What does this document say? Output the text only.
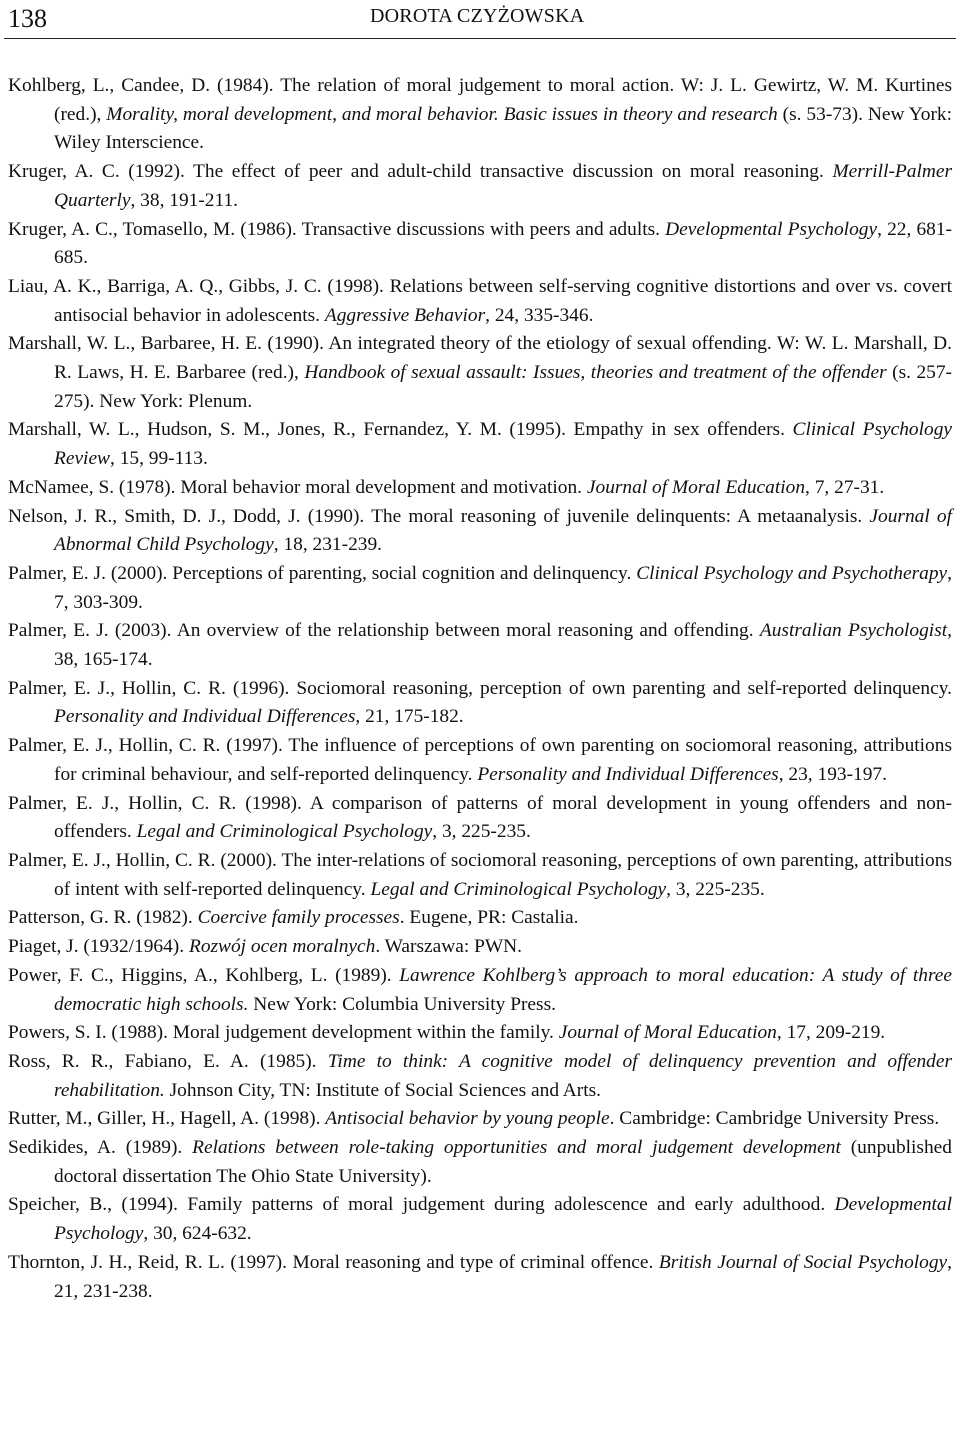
138	DOROTA CZYŻOWSKA
Kohlberg, L., Candee, D. (1984). The relation of moral judgement to moral action. W: J. L. Gewirtz, W. M. Kurtines (red.), Morality, moral development, and moral behavior. Basic issues in theory and research (s. 53-73). New York: Wiley Interscience.
Kruger, A. C. (1992). The effect of peer and adult-child transactive discussion on moral reasoning. Merrill-Palmer Quarterly, 38, 191-211.
Kruger, A. C., Tomasello, M. (1986). Transactive discussions with peers and adults. Developmental Psychology, 22, 681-685.
Liau, A. K., Barriga, A. Q., Gibbs, J. C. (1998). Relations between self-serving cognitive distortions and over vs. covert antisocial behavior in adolescents. Aggressive Behavior, 24, 335-346.
Marshall, W. L., Barbaree, H. E. (1990). An integrated theory of the etiology of sexual offending. W: W. L. Marshall, D. R. Laws, H. E. Barbaree (red.), Handbook of sexual assault: Issues, theories and treatment of the offender (s. 257-275). New York: Plenum.
Marshall, W. L., Hudson, S. M., Jones, R., Fernandez, Y. M. (1995). Empathy in sex offenders. Clinical Psychology Review, 15, 99-113.
McNamee, S. (1978). Moral behavior moral development and motivation. Journal of Moral Education, 7, 27-31.
Nelson, J. R., Smith, D. J., Dodd, J. (1990). The moral reasoning of juvenile delinquents: A metaanalysis. Journal of Abnormal Child Psychology, 18, 231-239.
Palmer, E. J. (2000). Perceptions of parenting, social cognition and delinquency. Clinical Psychology and Psychotherapy, 7, 303-309.
Palmer, E. J. (2003). An overview of the relationship between moral reasoning and offending. Australian Psychologist, 38, 165-174.
Palmer, E. J., Hollin, C. R. (1996). Sociomoral reasoning, perception of own parenting and self-reported delinquency. Personality and Individual Differences, 21, 175-182.
Palmer, E. J., Hollin, C. R. (1997). The influence of perceptions of own parenting on sociomoral reasoning, attributions for criminal behaviour, and self-reported delinquency. Personality and Individual Differences, 23, 193-197.
Palmer, E. J., Hollin, C. R. (1998). A comparison of patterns of moral development in young offenders and non-offenders. Legal and Criminological Psychology, 3, 225-235.
Palmer, E. J., Hollin, C. R. (2000). The inter-relations of sociomoral reasoning, perceptions of own parenting, attributions of intent with self-reported delinquency. Legal and Criminological Psychology, 3, 225-235.
Patterson, G. R. (1982). Coercive family processes. Eugene, PR: Castalia.
Piaget, J. (1932/1964). Rozwój ocen moralnych. Warszawa: PWN.
Power, F. C., Higgins, A., Kohlberg, L. (1989). Lawrence Kohlberg’s approach to moral education: A study of three democratic high schools. New York: Columbia University Press.
Powers, S. I. (1988). Moral judgement development within the family. Journal of Moral Education, 17, 209-219.
Ross, R. R., Fabiano, E. A. (1985). Time to think: A cognitive model of delinquency prevention and offender rehabilitation. Johnson City, TN: Institute of Social Sciences and Arts.
Rutter, M., Giller, H., Hagell, A. (1998). Antisocial behavior by young people. Cambridge: Cambridge University Press.
Sedikides, A. (1989). Relations between role-taking opportunities and moral judgement development (unpublished doctoral dissertation The Ohio State University).
Speicher, B., (1994). Family patterns of moral judgement during adolescence and early adulthood. Developmental Psychology, 30, 624-632.
Thornton, J. H., Reid, R. L. (1997). Moral reasoning and type of criminal offence. British Journal of Social Psychology, 21, 231-238.
